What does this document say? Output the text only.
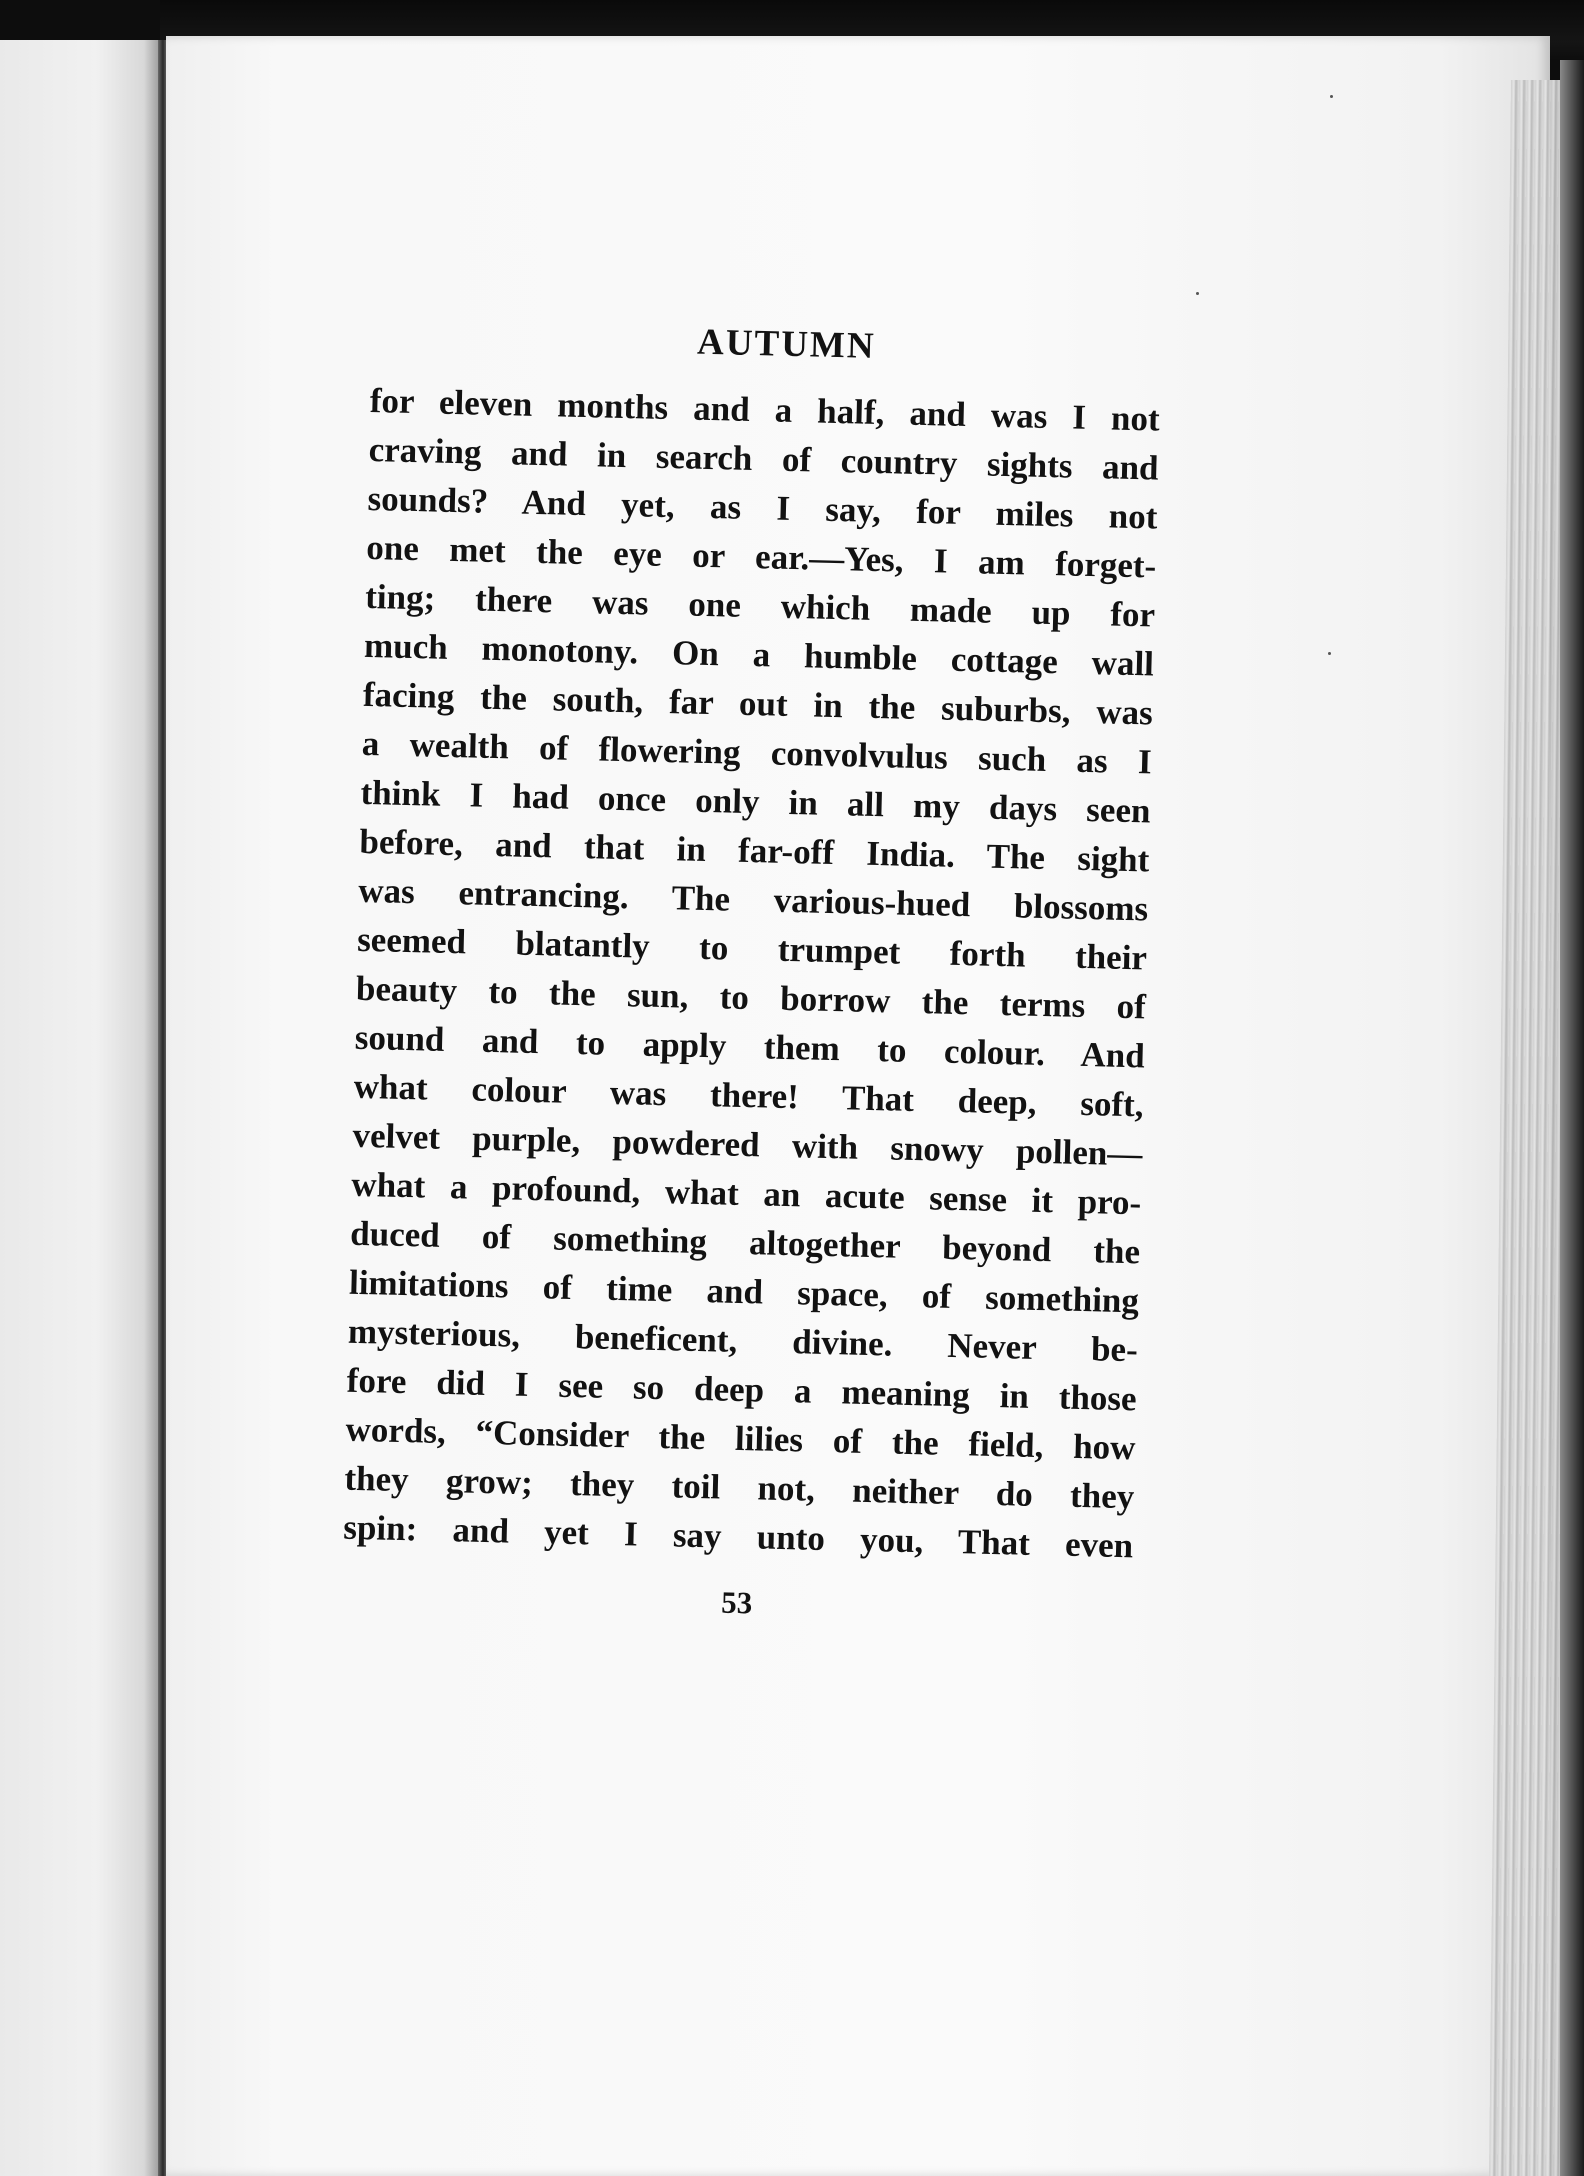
AUTUMN
for eleven months and a half, and was I not
craving and in search of country sights and
sounds? And yet, as I say, for miles not
one met the eye or ear.—Yes, I am forget-
ting; there was one which made up for
much monotony. On a humble cottage wall
facing the south, far out in the suburbs, was
a wealth of flowering convolvulus such as I
think I had once only in all my days seen
before, and that in far-off India. The sight
was entrancing. The various-hued blossoms
seemed blatantly to trumpet forth their
beauty to the sun, to borrow the terms of
sound and to apply them to colour. And
what colour was there! That deep, soft,
velvet purple, powdered with snowy pollen—
what a profound, what an acute sense it pro-
duced of something altogether beyond the
limitations of time and space, of something
mysterious, beneficent, divine. Never be-
fore did I see so deep a meaning in those
words, “Consider the lilies of the field, how
they grow; they toil not, neither do they
spin: and yet I say unto you, That even
53
